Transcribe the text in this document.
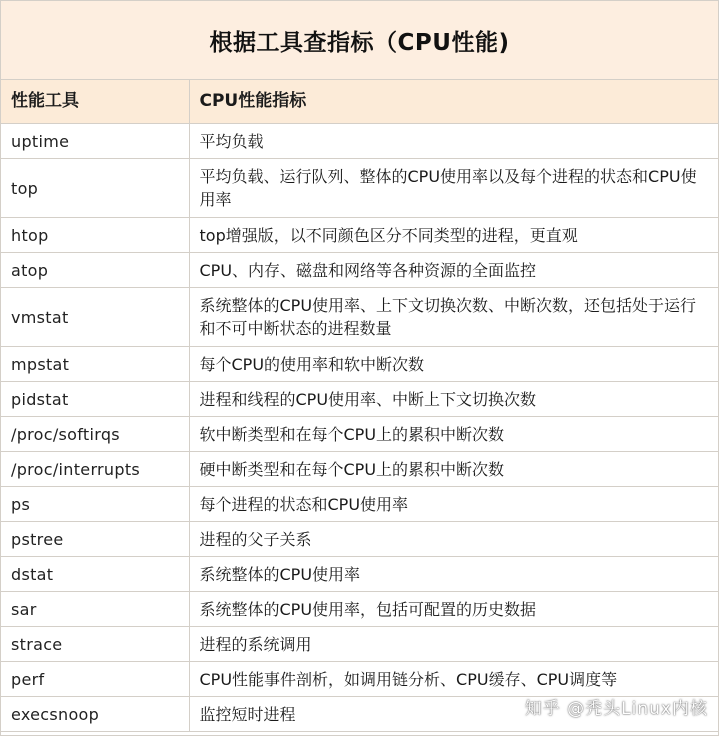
根据工具查指标（CPU性能)
性能工具	CPU性能指标
uptime	平均负载
top	平均负载、运行队列、整体的CPU使用率以及每个进程的状态和CPU使用率
htop	top增强版，以不同颜色区分不同类型的进程，更直观
atop	CPU、内存、磁盘和网络等各种资源的全面监控
vmstat	系统整体的CPU使用率、上下文切换次数、中断次数，还包括处于运行和不可中断状态的进程数量
mpstat	每个CPU的使用率和软中断次数
pidstat	进程和线程的CPU使用率、中断上下文切换次数
/proc/softirqs	软中断类型和在每个CPU上的累积中断次数
/proc/interrupts	硬中断类型和在每个CPU上的累积中断次数
ps	每个进程的状态和CPU使用率
pstree	进程的父子关系
dstat	系统整体的CPU使用率
sar	系统整体的CPU使用率，包括可配置的历史数据
strace	进程的系统调用
perf	CPU性能事件剖析，如调用链分析、CPU缓存、CPU调度等
execsnoop	监控短时进程	知乎 @秃头Linux内核
